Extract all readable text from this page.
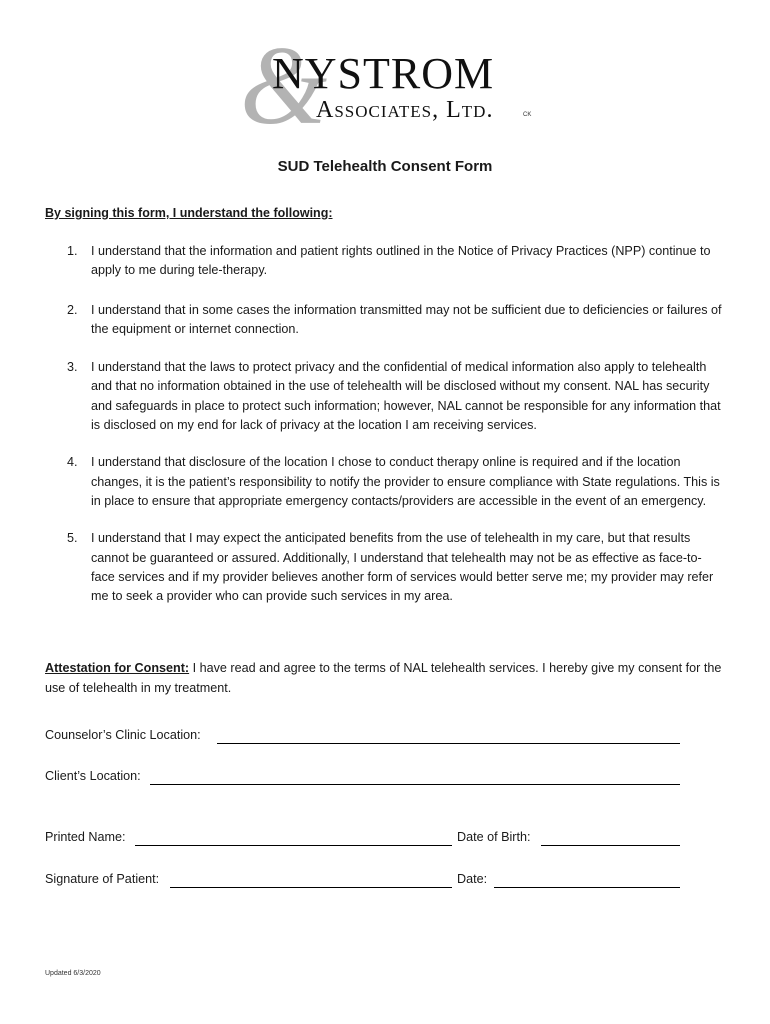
&
NYSTROM
Associates, Ltd.	CK
SUD Telehealth Consent Form
By signing this form, I understand the following:
1. I understand that the information and patient rights outlined in the Notice of Privacy Practices (NPP) continue to apply to me during tele-therapy.
2. I understand that in some cases the information transmitted may not be sufficient due to deficiencies or failures of the equipment or internet connection.
3. I understand that the laws to protect privacy and the confidential of medical information also apply to telehealth and that no information obtained in the use of telehealth will be disclosed without my consent. NAL has security and safeguards in place to protect such information; however, NAL cannot be responsible for any information that is disclosed on my end for lack of privacy at the location I am receiving services.
4. I understand that disclosure of the location I chose to conduct therapy online is required and if the location changes, it is the patient’s responsibility to notify the provider to ensure compliance with State regulations. This is in place to ensure that appropriate emergency contacts/providers are accessible in the event of an emergency.
5. I understand that I may expect the anticipated benefits from the use of telehealth in my care, but that results cannot be guaranteed or assured. Additionally, I understand that telehealth may not be as effective as face-to-face services and if my provider believes another form of services would better serve me; my provider may refer me to seek a provider who can provide such services in my area.
Attestation for Consent: I have read and agree to the terms of NAL telehealth services. I hereby give my consent for the use of telehealth in my treatment.
Counselor’s Clinic Location:
Client’s Location:
Printed Name:	Date of Birth:
Signature of Patient:	Date:
Updated 6/3/2020
